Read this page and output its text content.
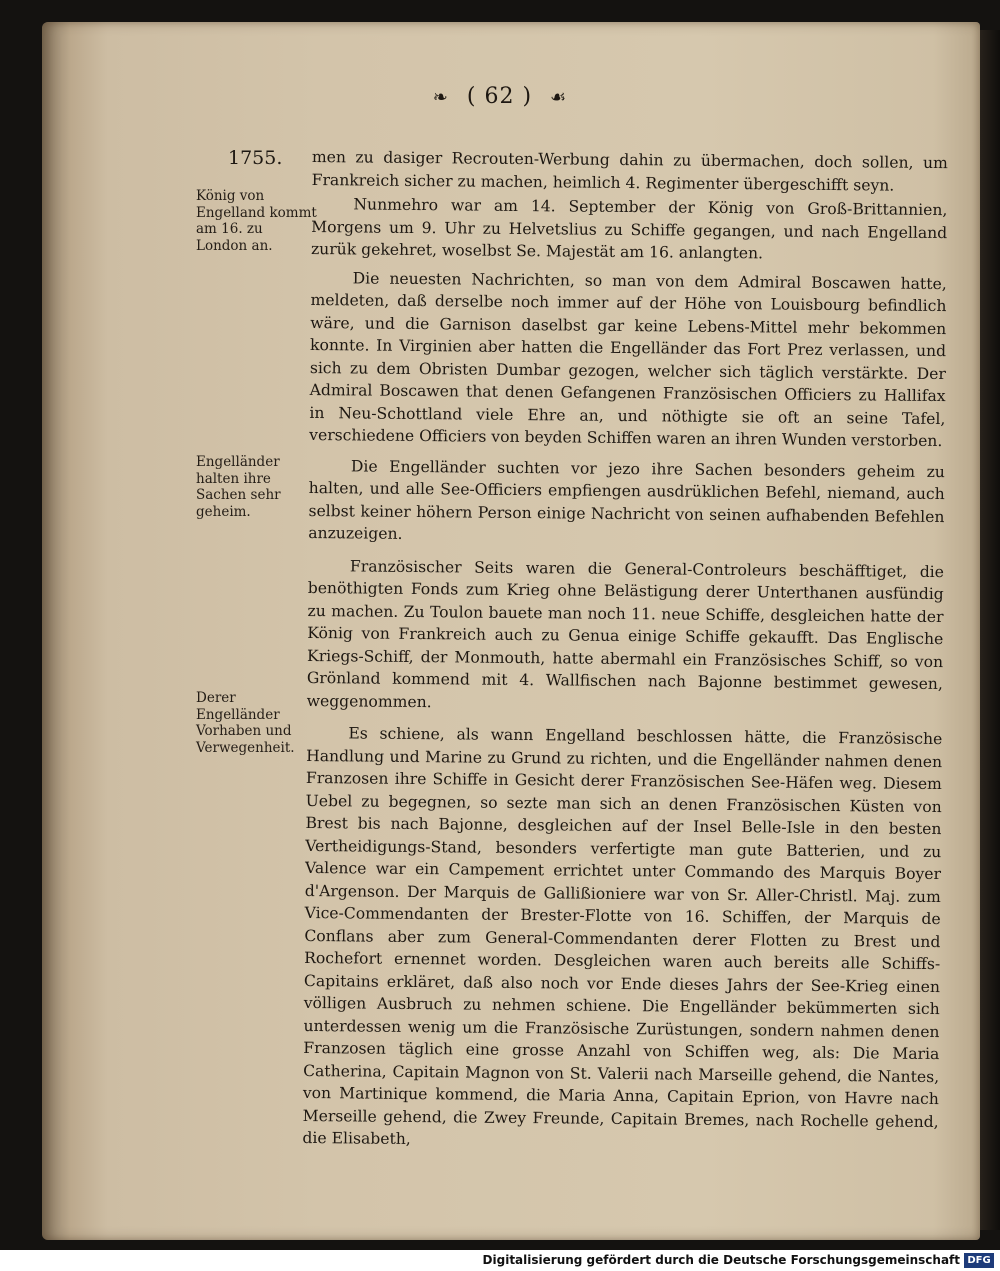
❧ ( 62 ) ☙
1755.
König von Engelland kommt am 16. zu London an.
Engelländer halten ihre Sachen sehr geheim.
Derer Engelländer Vorhaben und Verwegenheit.

men zu dasiger Recrouten-Werbung dahin zu übermachen, doch sollen, um Frankreich sicher zu machen, heimlich 4. Regimenter übergeschifft seyn.

Nunmehro war am 14. September der König von Groß-Brittannien, Morgens um 9. Uhr zu Helvetslius zu Schiffe gegangen, und nach Engelland zurük gekehret, woselbst Se. Majestät am 16. anlangten.

Die neuesten Nachrichten, so man von dem Admiral Boscawen hatte, meldeten, daß derselbe noch immer auf der Höhe von Louisbourg befindlich wäre, und die Garnison daselbst gar keine Lebens-Mittel mehr bekommen konnte. In Virginien aber hatten die Engelländer das Fort Prez verlassen, und sich zu dem Obristen Dumbar gezogen, welcher sich täglich verstärkte. Der Admiral Boscawen that denen Gefangenen Französischen Officiers zu Hallifax in Neu-Schottland viele Ehre an, und nöthigte sie oft an seine Tafel, verschiedene Officiers von beyden Schiffen waren an ihren Wunden verstorben.

Die Engelländer suchten vor jezo ihre Sachen besonders geheim zu halten, und alle See-Officiers empfiengen ausdrüklichen Befehl, niemand, auch selbst keiner höhern Person einige Nachricht von seinen aufhabenden Befehlen anzuzeigen.

Französischer Seits waren die General-Controleurs beschäfftiget, die benöthigten Fonds zum Krieg ohne Belästigung derer Unterthanen ausfündig zu machen. Zu Toulon bauete man noch 11. neue Schiffe, desgleichen hatte der König von Frankreich auch zu Genua einige Schiffe gekaufft. Das Englische Kriegs-Schiff, der Monmouth, hatte abermahl ein Französisches Schiff, so von Grönland kommend mit 4. Wallfischen nach Bajonne bestimmet gewesen, weggenommen.

Es schiene, als wann Engelland beschlossen hätte, die Französische Handlung und Marine zu Grund zu richten, und die Engelländer nahmen denen Franzosen ihre Schiffe in Gesicht derer Französischen See-Häfen weg. Diesem Uebel zu begegnen, so sezte man sich an denen Französischen Küsten von Brest bis nach Bajonne, desgleichen auf der Insel Belle-Isle in den besten Vertheidigungs-Stand, besonders verfertigte man gute Batterien, und zu Valence war ein Campement errichtet unter Commando des Marquis Boyer d'Argenson. Der Marquis de Gallißioniere war von Sr. Aller-Christl. Maj. zum Vice-Commendanten der Brester-Flotte von 16. Schiffen, der Marquis de Conflans aber zum General-Commendanten derer Flotten zu Brest und Rochefort ernennet worden. Desgleichen waren auch bereits alle Schiffs-Capitains erkläret, daß also noch vor Ende dieses Jahrs der See-Krieg einen völligen Ausbruch zu nehmen schiene. Die Engelländer bekümmerten sich unterdessen wenig um die Französische Zurüstungen, sondern nahmen denen Franzosen täglich eine grosse Anzahl von Schiffen weg, als: Die Maria Catherina, Capitain Magnon von St. Valerii nach Marseille gehend, die Nantes, von Martinique kommend, die Maria Anna, Capitain Eprion, von Havre nach Merseille gehend, die Zwey Freunde, Capitain Bremes, nach Rochelle gehend, die Elisabeth,

Digitalisierung gefördert durch die Deutsche Forschungsgemeinschaft DFG
